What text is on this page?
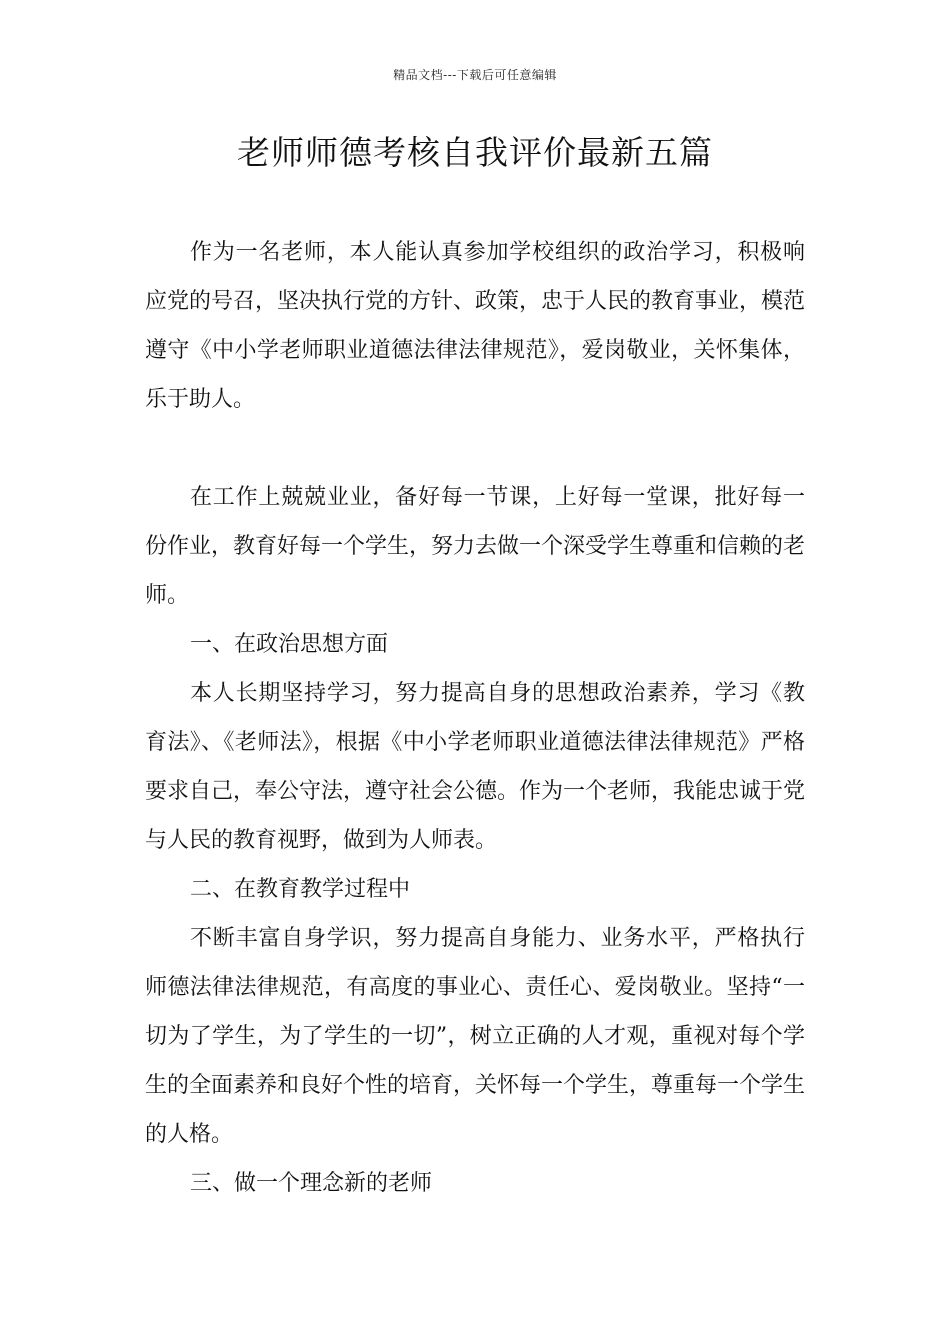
精品文档---下载后可任意编辑
老师师德考核自我评价最新五篇

作为一名老师，本人能认真参加学校组织的政治学习，积极响应党的号召，坚决执行党的方针、政策，忠于人民的教育事业，模范遵守《中小学老师职业道德法律法律规范》，爱岗敬业，关怀集体，乐于助人。

在工作上兢兢业业，备好每一节课，上好每一堂课，批好每一份作业，教育好每一个学生，努力去做一个深受学生尊重和信赖的老师。

一、在政治思想方面

本人长期坚持学习，努力提高自身的思想政治素养，学习《教育法》、《老师法》，根据《中小学老师职业道德法律法律规范》严格要求自己，奉公守法，遵守社会公德。作为一个老师，我能忠诚于党与人民的教育视野，做到为人师表。

二、在教育教学过程中

不断丰富自身学识，努力提高自身能力、业务水平，严格执行师德法律法律规范，有高度的事业心、责任心、爱岗敬业。坚持“一切为了学生，为了学生的一切”，树立正确的人才观，重视对每个学生的全面素养和良好个性的培育，关怀每一个学生，尊重每一个学生的人格。

三、做一个理念新的老师
